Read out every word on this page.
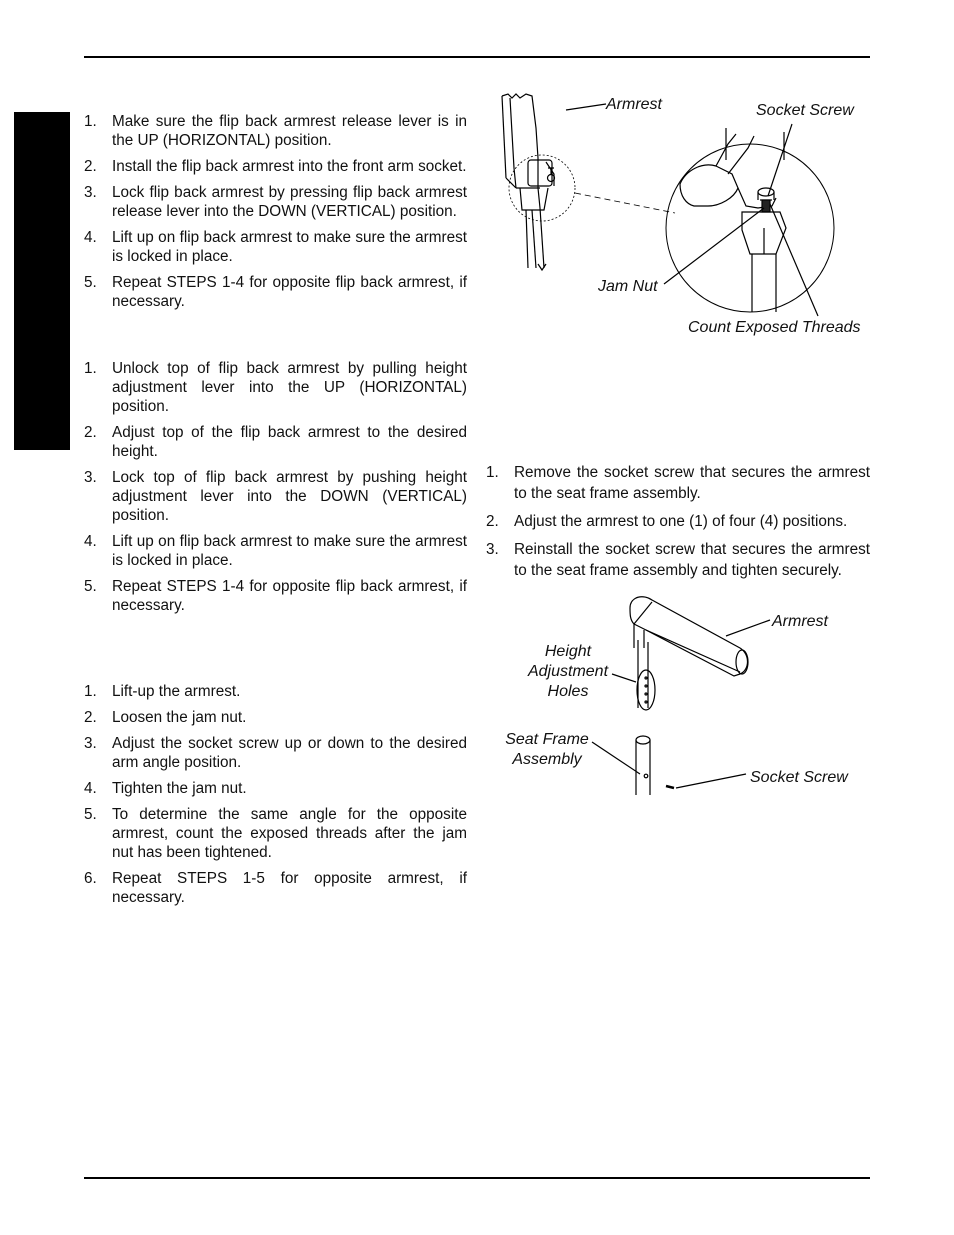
1. Make sure the flip back armrest release lever is in the UP (HORIZONTAL) position.
2. Install the flip back armrest into the front arm socket.
3. Lock flip back armrest by pressing flip back armrest release lever into the DOWN (VERTICAL) position.
4. Lift up on flip back armrest to make sure the armrest is locked in place.
5. Repeat STEPS 1-4 for opposite flip back armrest, if necessary.
1. Unlock top of flip back armrest by pulling height adjustment lever into the UP (HORIZONTAL) position.
2. Adjust top of the flip back armrest to the desired height.
3. Lock top of flip back armrest by pushing height adjustment lever into the DOWN (VERTICAL) position.
4. Lift up on flip back armrest to make sure the armrest is locked in place.
5. Repeat STEPS 1-4 for opposite flip back armrest, if necessary.
1. Lift-up the armrest.
2. Loosen the jam nut.
3. Adjust the socket screw up or down to the desired arm angle position.
4. Tighten the jam nut.
5. To determine the same angle for the opposite armrest, count the exposed threads after the jam nut has been tightened.
6. Repeat STEPS 1-5 for opposite armrest, if necessary.
1. Remove the socket screw that secures the armrest to the seat frame assembly.
2. Adjust the armrest to one (1) of four (4) positions.
3. Reinstall the socket screw that secures the armrest to the seat frame assembly and tighten securely.
Armrest	Socket Screw
Jam Nut
Count Exposed Threads
Armrest
Height
Adjustment
Holes
Seat Frame
Assembly
Socket Screw
